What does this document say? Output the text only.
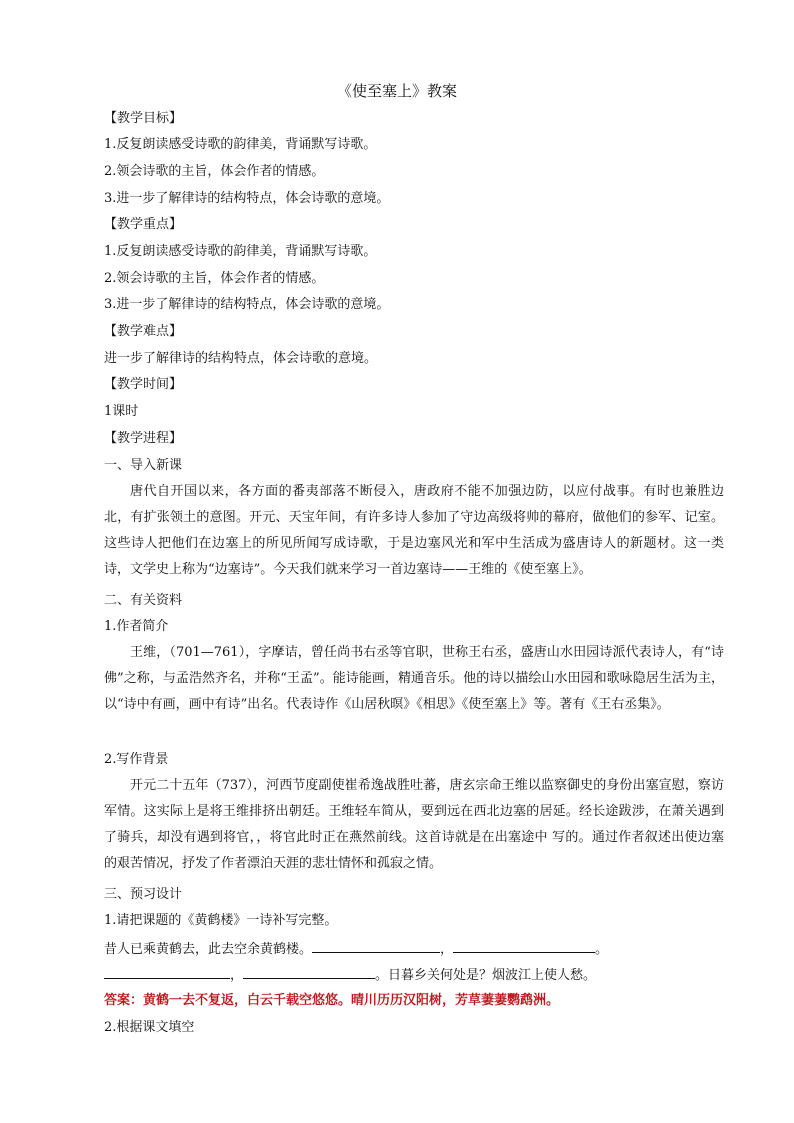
《使至塞上》教案
【教学目标】
1.反复朗读感受诗歌的韵律美，背诵默写诗歌。
2.领会诗歌的主旨，体会作者的情感。
3.进一步了解律诗的结构特点，体会诗歌的意境。
【教学重点】
1.反复朗读感受诗歌的韵律美，背诵默写诗歌。
2.领会诗歌的主旨，体会作者的情感。
3.进一步了解律诗的结构特点，体会诗歌的意境。
【教学难点】
进一步了解律诗的结构特点，体会诗歌的意境。
【教学时间】
1课时
【教学进程】
一、导入新课
唐代自开国以来，各方面的番夷部落不断侵入，唐政府不能不加强边防，以应付战事。有时也兼胜边北，有扩张领土的意图。开元、天宝年间，有许多诗人参加了守边高级将帅的幕府，做他们的参军、记室。这些诗人把他们在边塞上的所见所闻写成诗歌，于是边塞风光和军中生活成为盛唐诗人的新题材。这一类诗，文学史上称为“边塞诗”。今天我们就来学习一首边塞诗——王维的《使至塞上》。
二、有关资料
1.作者简介
王维，（701—761），字摩诘，曾任尚书右丞等官职，世称王右丞，盛唐山水田园诗派代表诗人，有“诗佛”之称，与孟浩然齐名，并称“王孟”。能诗能画，精通音乐。他的诗以描绘山水田园和歌咏隐居生活为主，以“诗中有画，画中有诗”出名。代表诗作《山居秋暝》《相思》《使至塞上》等。著有《王右丞集》。
2.写作背景
开元二十五年（737），河西节度副使崔希逸战胜吐蕃，唐玄宗命王维以监察御史的身份出塞宣慰，察访军情。这实际上是将王维排挤出朝廷。王维轻车简从，要到远在西北边塞的居延。经长途跋涉，在萧关遇到了骑兵，却没有遇到将官，，将官此时正在燕然前线。这首诗就是在出塞途中 写的。通过作者叙述出使边塞的艰苦情况，抒发了作者漂泊天涯的悲壮情怀和孤寂之情。
三、预习设计
1.请把课题的《黄鹤楼》一诗补写完整。
昔人已乘黄鹤去，此去空余黄鹤楼。	，	。
，	。日暮乡关何处是？烟波江上使人愁。
答案：黄鹤一去不复返，白云千载空悠悠。晴川历历汉阳树，芳草萋萋鹦鹉洲。
2.根据课文填空
